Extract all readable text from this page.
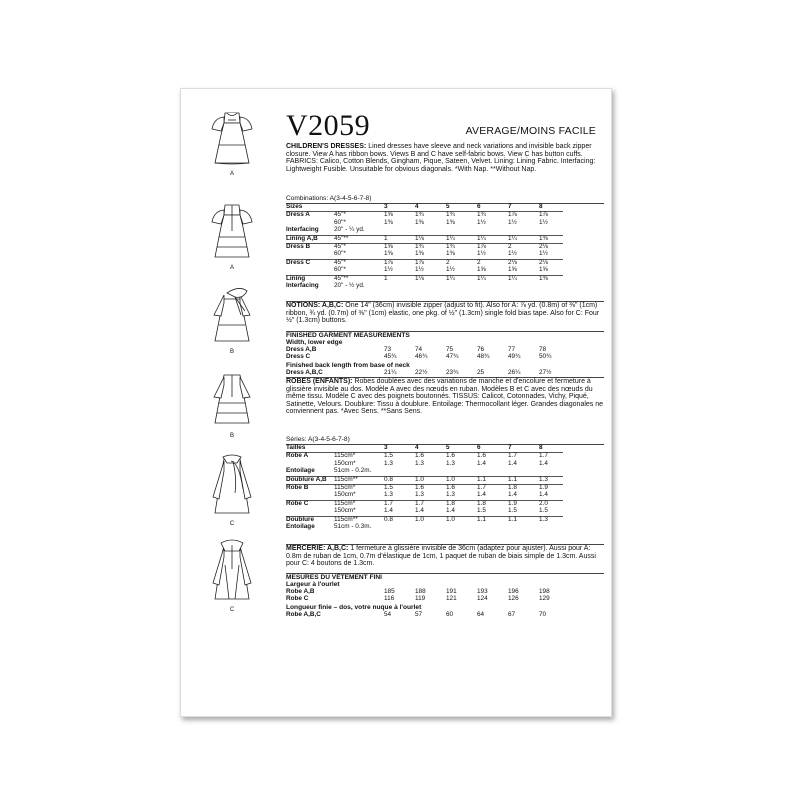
A
A
B
B
C
C
V2059	AVERAGE/MOINS FACILE
CHILDREN'S DRESSES: Lined dresses have sleeve and neck variations and invisible back zipper closure. View A has ribbon bows. Views B and C have self-fabric bows. View C has button cuffs. FABRICS: Calico, Cotton Blends, Gingham, Pique, Sateen, Velvet. Lining: Lining Fabric. Interfacing: Lightweight Fusible. Unsuitable for obvious diagonals. *With Nap. **Without Nap.
Combinations: A(3-4-5-6-7-8)
Sizes		3	4	5	6	7	8
Dress A	45"*	1⅝	1¾	1¾	1¾	1⅞	1⅞
	60"*	1⅜	1⅜	1⅜	1½	1½	1½
Interfacing	20" - ¼ yd.						
Lining A,B	45"**	1	1⅛	1¼	1¼	1¼	1⅜
Dress B	45"*	1⅝	1¾	1¾	1⅞	2	2⅛
	60"*	1⅜	1⅜	1⅜	1½	1½	1½
Dress C	45"*	1⅞	1⅞	2	2	2⅛	2⅛
	60"*	1½	1½	1½	1⅝	1⅝	1⅝
Lining	45"**	1	1⅛	1¼	1¼	1¼	1⅜
Interfacing	20" - ½ yd.						
NOTIONS: A,B,C: One 14" (36cm) invisible zipper (adjust to fit). Also for A: ⅞ yd. (0.8m) of ⅜" (1cm) ribbon, ¾ yd. (0.7m) of ⅜" (1cm) elastic, one pkg. of ½" (1.3cm) single fold bias tape. Also for C: Four ½" (1.3cm) buttons.
FINISHED GARMENT MEASUREMENTS
Width, lower edge
Dress A,B	73	74	75	76	77	78
Dress C	45¾	46¾	47¾	48¾	49¾	50¾
Finished back length from base of neck
Dress A,B,C	21¼	22½	23¾	25	26¼	27½
ROBES (ENFANTS): Robes doublées avec des variations de manche et d'encolure et fermeture à glissière invisible au dos. Modèle A avec des nœuds en ruban. Modèles B et C avec des nœuds du même tissu. Modèle C avec des poignets boutonnés. TISSUS: Calicot, Cotonnades, Vichy, Piqué, Satinette, Velours. Doublure: Tissu à doublure. Entoilage: Thermocollant léger. Grandes diagonales ne conviennent pas. *Avec Sens. **Sans Sens.
Séries: A(3-4-5-6-7-8)
Tailles		3	4	5	6	7	8
Robe A	115cm*	1.5	1.6	1.6	1.6	1.7	1.7
	150cm*	1.3	1.3	1.3	1.4	1.4	1.4
Entoilage	51cm - 0.2m.						
Doublure A,B	115cm**	0.8	1.0	1.0	1.1	1.1	1.3
Robe B	115cm*	1.5	1.6	1.6	1.7	1.8	1.9
	150cm*	1.3	1.3	1.3	1.4	1.4	1.4
Robe C	115cm*	1.7	1.7	1.8	1.8	1.9	2.0
	150cm*	1.4	1.4	1.4	1.5	1.5	1.5
Doublure	115cm**	0.8	1.0	1.0	1.1	1.1	1.3
Entoilage	51cm - 0.3m.						
MERCERIE: A,B,C: 1 fermeture à glissière invisible de 36cm (adaptez pour ajuster). Aussi pour A: 0.8m de ruban de 1cm, 0.7m d'élastique de 1cm, 1 paquet de ruban de biais simple de 1.3cm. Aussi pour C: 4 boutons de 1.3cm.
MESURES DU VÊTEMENT FINI
Largeur à l'ourlet
Robe A,B	185	188	191	193	196	198
Robe C	116	119	121	124	126	129
Longueur finie – dos, votre nuque à l'ourlet
Robe A,B,C	54	57	60	64	67	70
